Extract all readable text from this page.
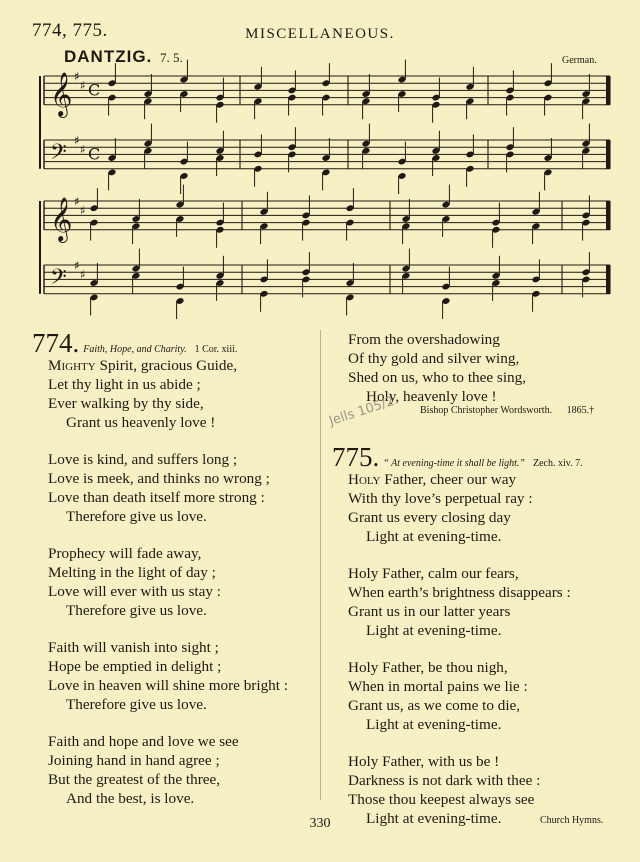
774, 775.	MISCELLANEOUS.
DANTZIG. 7. 5.	German.
𝄞 ♯
♯ C
𝄢 ♯
♯ C
𝄞 ♯
♯
𝄢 ♯
♯
774. Faith, Hope, and Charity. 1 Cor. xiii.
Mighty Spirit, gracious Guide,
Let thy light in us abide ;
Ever walking by thy side,
Grant us heavenly love !
Love is kind, and suffers long ;
Love is meek, and thinks no wrong ;
Love than death itself more strong :
Therefore give us love.
Prophecy will fade away,
Melting in the light of day ;
Love will ever with us stay :
Therefore give us love.
Faith will vanish into sight ;
Hope be emptied in delight ;
Love in heaven will shine more bright :
Therefore give us love.
Faith and hope and love we see
Joining hand in hand agree ;
But the greatest of the three,
And the best, is love.
From the overshadowing
Of thy gold and silver wing,
Shed on us, who to thee sing,
Holy, heavenly love !
Bishop Christopher Wordsworth. 1865.†
Jells 105/2
775. “ At evening-time it shall be light.” Zech. xiv. 7.
Holy Father, cheer our way
With thy love’s perpetual ray :
Grant us every closing day
Light at evening-time.
Holy Father, calm our fears,
When earth’s brightness disappears :
Grant us in our latter years
Light at evening-time.
Holy Father, be thou nigh,
When in mortal pains we lie :
Grant us, as we come to die,
Light at evening-time.
Holy Father, with us be !
Darkness is not dark with thee :
Those thou keepest always see
Light at evening-time.	Church Hymns.
330
